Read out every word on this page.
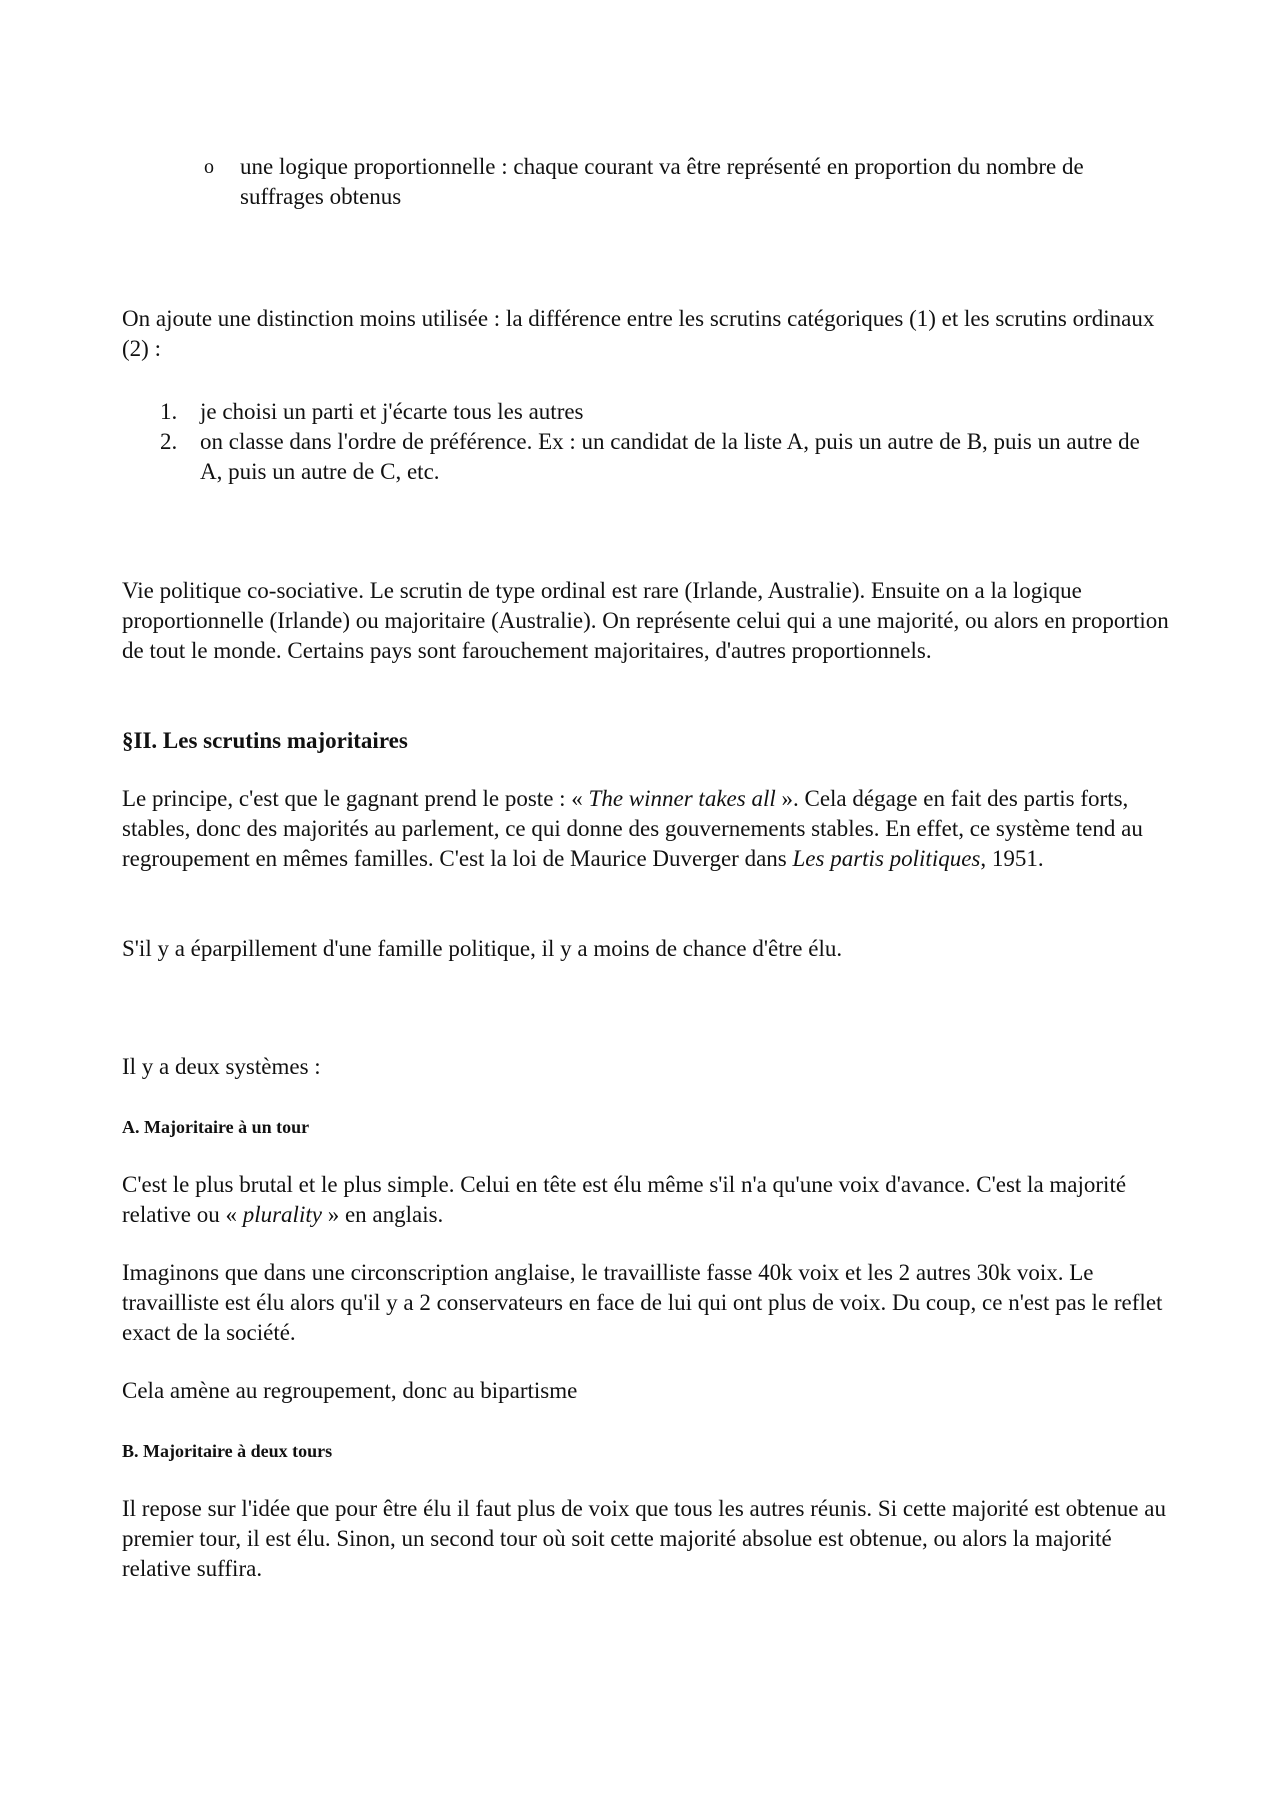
o une logique proportionnelle : chaque courant va être représenté en proportion du nombre de suffrages obtenus

On ajoute une distinction moins utilisée : la différence entre les scrutins catégoriques (1) et les scrutins ordinaux (2) :

1. je choisi un parti et j'écarte tous les autres
2. on classe dans l'ordre de préférence. Ex : un candidat de la liste A, puis un autre de B, puis un autre de A, puis un autre de C, etc.

Vie politique co-sociative. Le scrutin de type ordinal est rare (Irlande, Australie). Ensuite on a la logique proportionnelle (Irlande) ou majoritaire (Australie). On représente celui qui a une majorité, ou alors en proportion de tout le monde. Certains pays sont farouchement majoritaires, d'autres proportionnels.

§II. Les scrutins majoritaires

Le principe, c'est que le gagnant prend le poste : « The winner takes all ». Cela dégage en fait des partis forts, stables, donc des majorités au parlement, ce qui donne des gouvernements stables. En effet, ce système tend au regroupement en mêmes familles. C'est la loi de Maurice Duverger dans Les partis politiques, 1951.

S'il y a éparpillement d'une famille politique, il y a moins de chance d'être élu.

Il y a deux systèmes :

A. Majoritaire à un tour

C'est le plus brutal et le plus simple. Celui en tête est élu même s'il n'a qu'une voix d'avance. C'est la majorité relative ou « plurality » en anglais.

Imaginons que dans une circonscription anglaise, le travailliste fasse 40k voix et les 2 autres 30k voix. Le travailliste est élu alors qu'il y a 2 conservateurs en face de lui qui ont plus de voix. Du coup, ce n'est pas le reflet exact de la société.

Cela amène au regroupement, donc au bipartisme

B. Majoritaire à deux tours

Il repose sur l'idée que pour être élu il faut plus de voix que tous les autres réunis. Si cette majorité est obtenue au premier tour, il est élu. Sinon, un second tour où soit cette majorité absolue est obtenue, ou alors la majorité relative suffira.
